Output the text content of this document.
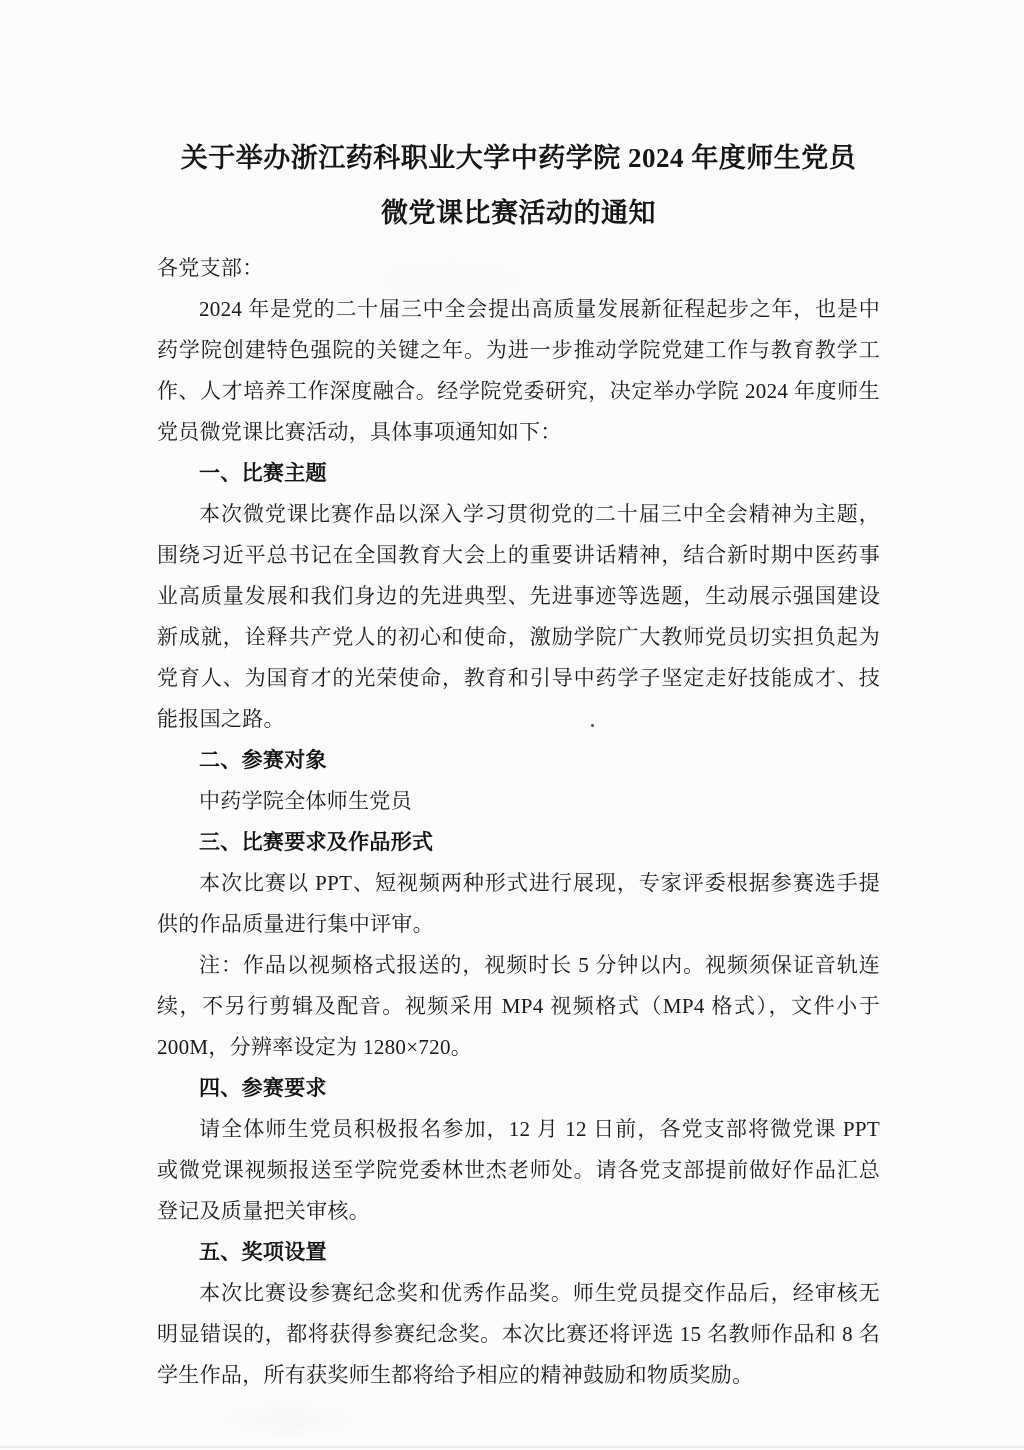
关于举办浙江药科职业大学中药学院 2024 年度师生党员
微党课比赛活动的通知

各党支部：

2024 年是党的二十届三中全会提出高质量发展新征程起步之年，也是中药学院创建特色强院的关键之年。为进一步推动学院党建工作与教育教学工作、人才培养工作深度融合。经学院党委研究，决定举办学院 2024 年度师生党员微党课比赛活动，具体事项通知如下：

一、比赛主题

本次微党课比赛作品以深入学习贯彻党的二十届三中全会精神为主题，围绕习近平总书记在全国教育大会上的重要讲话精神，结合新时期中医药事业高质量发展和我们身边的先进典型、先进事迹等选题，生动展示强国建设新成就，诠释共产党人的初心和使命，激励学院广大教师党员切实担负起为党育人、为国育才的光荣使命，教育和引导中药学子坚定走好技能成才、技能报国之路。

二、参赛对象

中药学院全体师生党员

三、比赛要求及作品形式

本次比赛以 PPT、短视频两种形式进行展现，专家评委根据参赛选手提供的作品质量进行集中评审。

注：作品以视频格式报送的，视频时长 5 分钟以内。视频须保证音轨连续，不另行剪辑及配音。视频采用 MP4 视频格式（MP4 格式），文件小于 200M，分辨率设定为 1280×720。

四、参赛要求

请全体师生党员积极报名参加，12 月 12 日前，各党支部将微党课 PPT 或微党课视频报送至学院党委林世杰老师处。请各党支部提前做好作品汇总登记及质量把关审核。

五、奖项设置

本次比赛设参赛纪念奖和优秀作品奖。师生党员提交作品后，经审核无明显错误的，都将获得参赛纪念奖。本次比赛还将评选 15 名教师作品和 8 名学生作品，所有获奖师生都将给予相应的精神鼓励和物质奖励。
